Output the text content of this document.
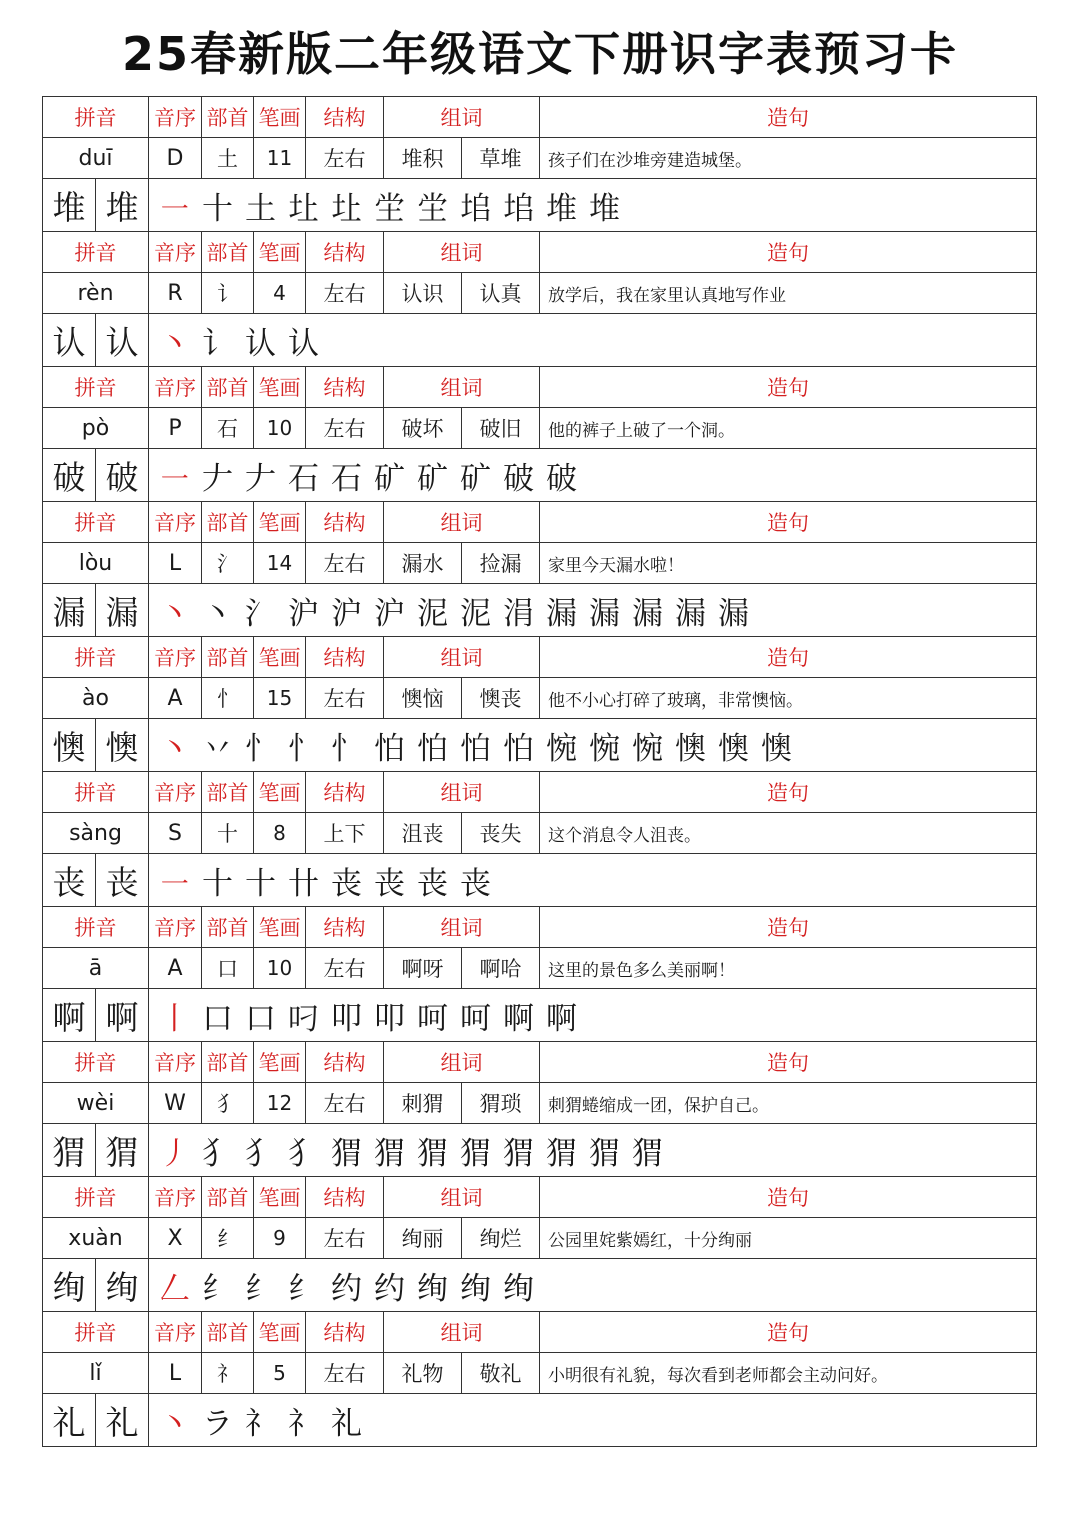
25春新版二年级语文下册识字表预习卡
拼音		音序	部首	笔画	结构	组词		造句
duī		D	土	11	左右	堆积	草堆	孩子们在沙堆旁建造城堡。
堆	堆	㇐ 十 土 圵 圵 坣 坣 垖 垖 堆 堆						
拼音		音序	部首	笔画	结构	组词		造句
rèn		R	讠	4	左右	认识	认真	放学后，我在家里认真地写作业
认	认	丶 讠 认 认						
拼音		音序	部首	笔画	结构	组词		造句
pò		P	石	10	左右	破坏	破旧	他的裤子上破了一个洞。
破	破	㇐ 𠂇 𠂇 石 石 矿 矿 矿 破 破						
拼音		音序	部首	笔画	结构	组词		造句
lòu		L	氵	14	左右	漏水	捡漏	家里今天漏水啦！
漏	漏	丶 丶 氵 沪 沪 沪 泥 泥 涓 漏 漏 漏 漏 漏						
拼音		音序	部首	笔画	结构	组词		造句
ào		A	忄	15	左右	懊恼	懊丧	他不小心打碎了玻璃，非常懊恼。
懊	懊	丶 丷 忄 忄 忄 怕 怕 怕 怕 惋 惋 惋 懊 懊 懊						
拼音		音序	部首	笔画	结构	组词		造句
sàng		S	十	8	上下	沮丧	丧失	这个消息令人沮丧。
丧	丧	㇐ 十 十 卄 丧 丧 丧 丧						
拼音		音序	部首	笔画	结构	组词		造句
ā		A	口	10	左右	啊呀	啊哈	这里的景色多么美丽啊！
啊	啊	丨 口 口 叼 叩 叩 呵 呵 啊 啊						
拼音		音序	部首	笔画	结构	组词		造句
wèi		W	犭	12	左右	刺猬	猬琐	刺猬蜷缩成一团，保护自己。
猬	猬	丿 犭 犭 犭 猬 猬 猬 猬 猬 猬 猬 猬						
拼音		音序	部首	笔画	结构	组词		造句
xuàn		X	纟	9	左右	绚丽	绚烂	公园里姹紫嫣红，十分绚丽
绚	绚	𠃋 纟 纟 纟 约 约 绚 绚 绚						
拼音		音序	部首	笔画	结构	组词		造句
lǐ		L	礻	5	左右	礼物	敬礼	小明很有礼貌，每次看到老师都会主动问好。
礼	礼	丶 ラ 礻 礻 礼						
